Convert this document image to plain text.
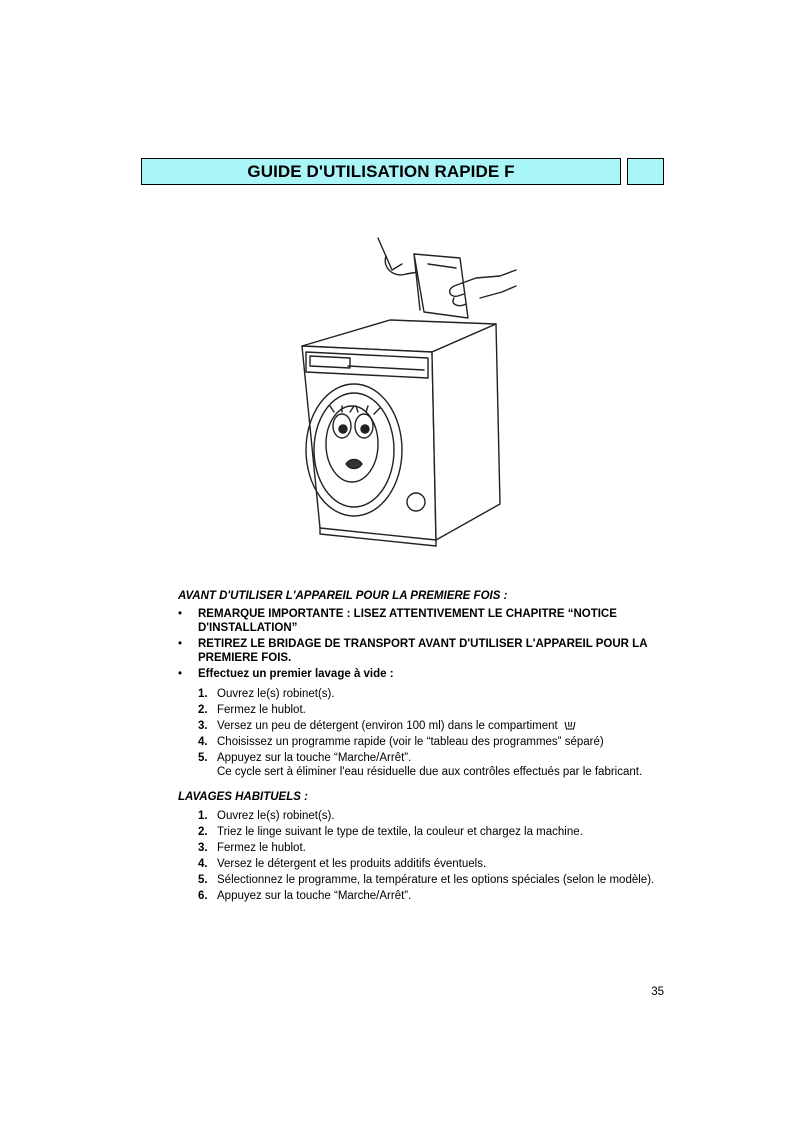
GUIDE D'UTILISATION RAPIDE F
AVANT D'UTILISER L'APPAREIL POUR LA PREMIERE FOIS :
•
REMARQUE IMPORTANTE : LISEZ ATTENTIVEMENT LE CHAPITRE “NOTICE D'INSTALLATION”
•
RETIREZ LE BRIDAGE DE TRANSPORT AVANT D'UTILISER L'APPAREIL POUR LA PREMIERE FOIS.
•
Effectuez un premier lavage à vide :
1. Ouvrez le(s) robinet(s).
2. Fermez le hublot.
3. Versez un peu de détergent (environ 100 ml) dans le compartiment
4. Choisissez un programme rapide (voir le “tableau des programmes” séparé)
5. Appuyez sur la touche “Marche/Arrêt”.
Ce cycle sert à éliminer l'eau résiduelle due aux contrôles effectués par le fabricant.
LAVAGES HABITUELS :
1. Ouvrez le(s) robinet(s).
2. Triez le linge suivant le type de textile, la couleur et chargez la machine.
3. Fermez le hublot.
4. Versez le détergent et les produits additifs éventuels.
5. Sélectionnez le programme, la température et les options spéciales (selon le modèle).
6. Appuyez sur la touche “Marche/Arrêt”.
35
